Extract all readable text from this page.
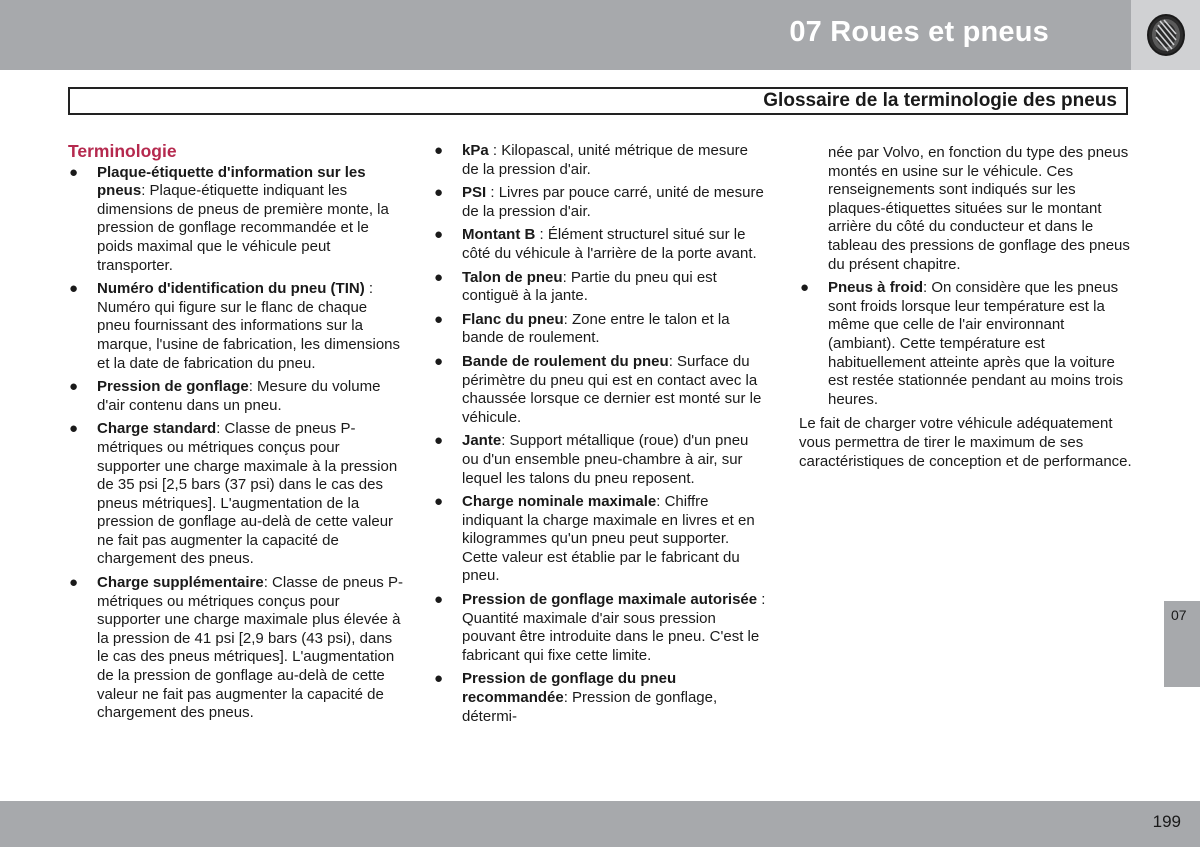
07 Roues et pneus
Glossaire de la terminologie des pneus
Terminologie
● Plaque-étiquette d'information sur les pneus: Plaque-étiquette indiquant les dimensions de pneus de première monte, la pression de gonflage recommandée et le poids maximal que le véhicule peut transporter.
● Numéro d'identification du pneu (TIN) : Numéro qui figure sur le flanc de chaque pneu fournissant des informations sur la marque, l'usine de fabrication, les dimensions et la date de fabrication du pneu.
● Pression de gonflage: Mesure du volume d'air contenu dans un pneu.
● Charge standard: Classe de pneus P-métriques ou métriques conçus pour supporter une charge maximale à la pression de 35 psi [2,5 bars (37 psi) dans le cas des pneus métriques]. L'augmentation de la pression de gonflage au-delà de cette valeur ne fait pas augmenter la capacité de chargement des pneus.
● Charge supplémentaire: Classe de pneus P-métriques ou métriques conçus pour supporter une charge maximale plus élevée à la pression de 41 psi [2,9 bars (43 psi), dans le cas des pneus métriques]. L'augmentation de la pression de gonflage au-delà de cette valeur ne fait pas augmenter la capacité de chargement des pneus.
● kPa : Kilopascal, unité métrique de mesure de la pression d'air.
● PSI : Livres par pouce carré, unité de mesure de la pression d'air.
● Montant B : Élément structurel situé sur le côté du véhicule à l'arrière de la porte avant.
● Talon de pneu: Partie du pneu qui est contiguë à la jante.
● Flanc du pneu: Zone entre le talon et la bande de roulement.
● Bande de roulement du pneu: Surface du périmètre du pneu qui est en contact avec la chaussée lorsque ce dernier est monté sur le véhicule.
● Jante: Support métallique (roue) d'un pneu ou d'un ensemble pneu-chambre à air, sur lequel les talons du pneu reposent.
● Charge nominale maximale: Chiffre indiquant la charge maximale en livres et en kilogrammes qu'un pneu peut supporter. Cette valeur est établie par le fabricant du pneu.
● Pression de gonflage maximale autorisée : Quantité maximale d'air sous pression pouvant être introduite dans le pneu. C'est le fabricant qui fixe cette limite.
● Pression de gonflage du pneu recommandée: Pression de gonflage, détermi-
née par Volvo, en fonction du type des pneus montés en usine sur le véhicule. Ces renseignements sont indiqués sur les plaques-étiquettes situées sur le montant arrière du côté du conducteur et dans le tableau des pressions de gonflage des pneus du présent chapitre.
● Pneus à froid: On considère que les pneus sont froids lorsque leur température est la même que celle de l'air environnant (ambiant). Cette température est habituellement atteinte après que la voiture est restée stationnée pendant au moins trois heures.

Le fait de charger votre véhicule adéquatement vous permettra de tirer le maximum de ses caractéristiques de conception et de performance.

07
199
